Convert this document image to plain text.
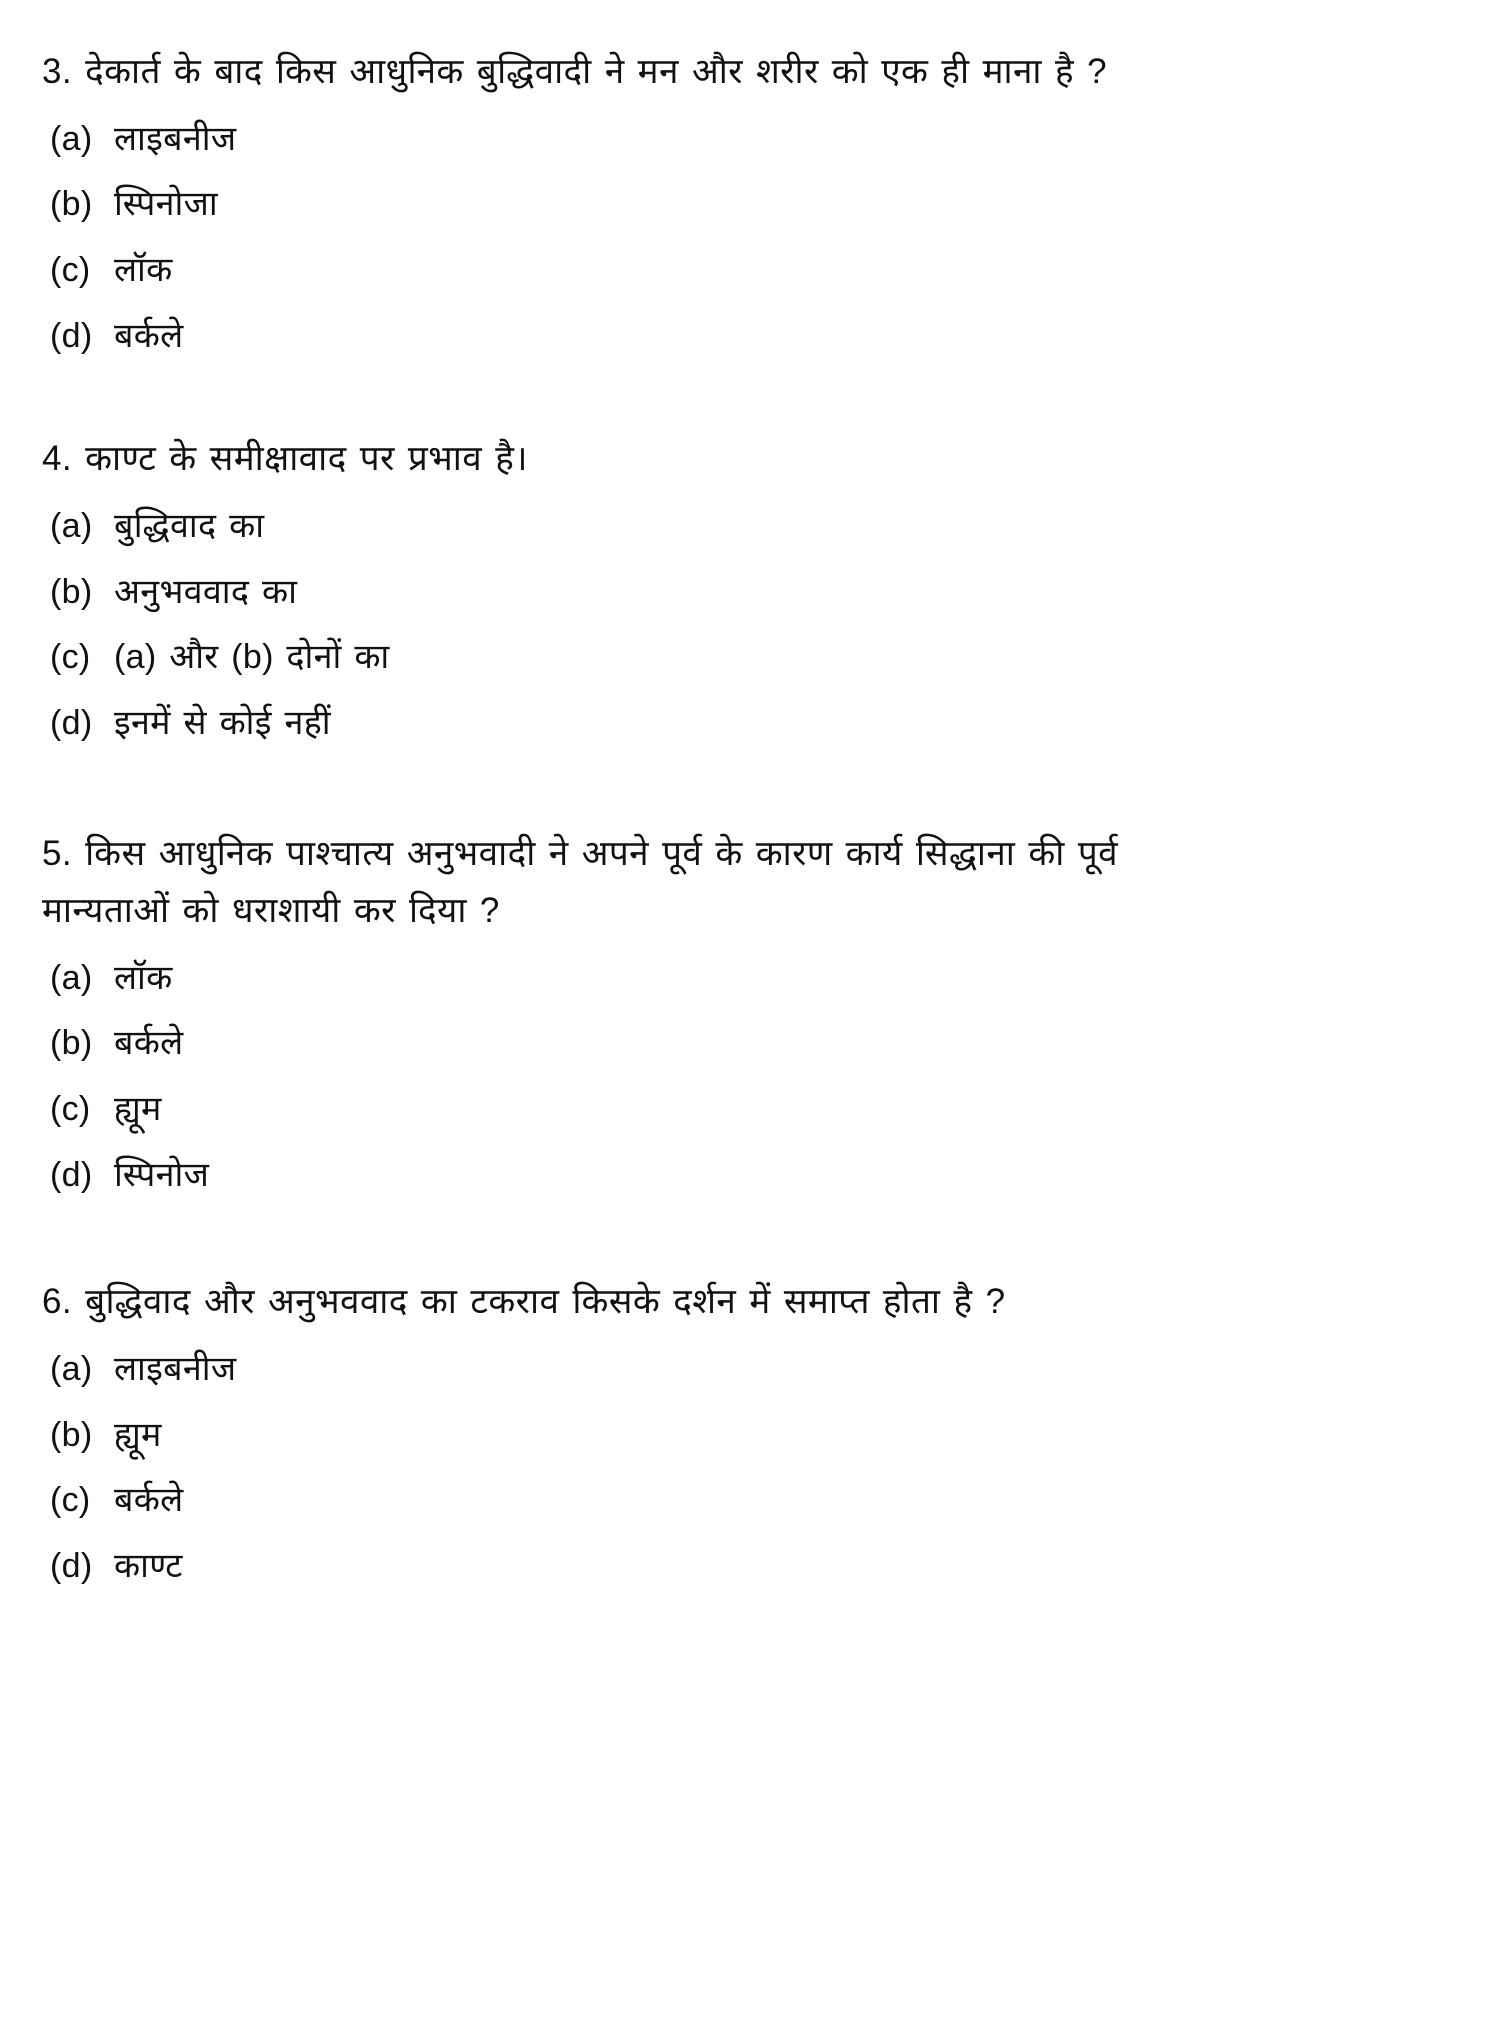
3. देकार्त के बाद किस आधुनिक बुद्धिवादी ने मन और शरीर को एक ही माना है ?

(a) लाइबनीज
(b) स्पिनोजा
(c) लॉक
(d) बर्कले

4. काण्ट के समीक्षावाद पर प्रभाव है।

(a) बुद्धिवाद का
(b) अनुभववाद का
(c) (a) और (b) दोनों का
(d) इनमें से कोई नहीं

5. किस आधुनिक पाश्चात्य अनुभवादी ने अपने पूर्व के कारण कार्य सिद्धाना की पूर्व मान्यताओं को धराशायी कर दिया ?

(a) लॉक
(b) बर्कले
(c) ह्यूम
(d) स्पिनोज

6. बुद्धिवाद और अनुभववाद का टकराव किसके दर्शन में समाप्त होता है ?

(a) लाइबनीज
(b) ह्यूम
(c) बर्कले
(d) काण्ट
